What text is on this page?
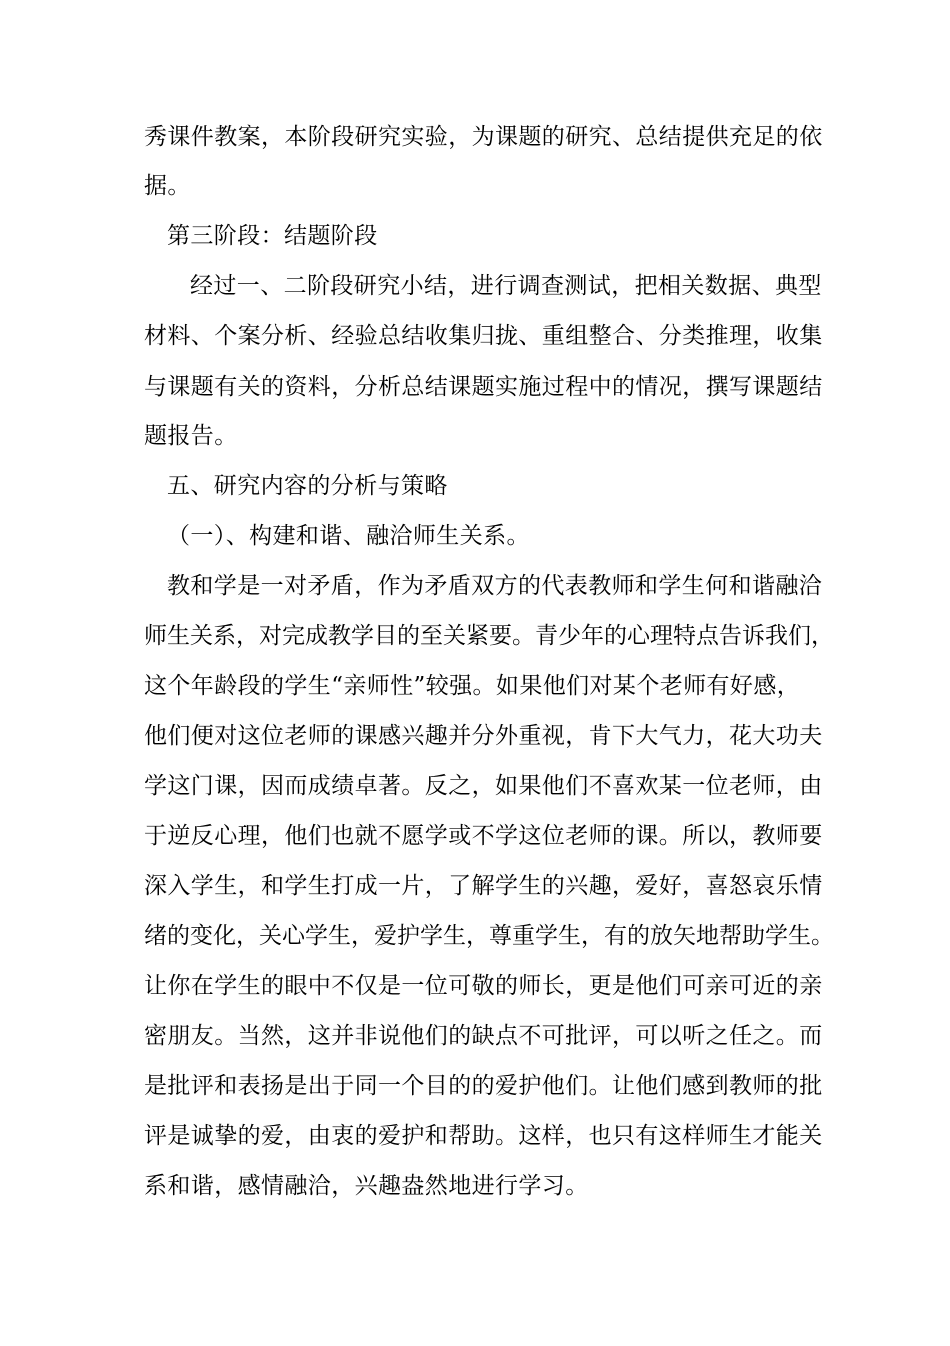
秀课件教案，本阶段研究实验，为课题的研究、总结提供充足的依
据。
第三阶段：结题阶段
经过一、二阶段研究小结，进行调查测试，把相关数据、典型
材料、个案分析、经验总结收集归拢、重组整合、分类推理，收集
与课题有关的资料，分析总结课题实施过程中的情况，撰写课题结
题报告。
五、研究内容的分析与策略
（一）、构建和谐、融洽师生关系。
教和学是一对矛盾，作为矛盾双方的代表教师和学生何和谐融洽
师生关系，对完成教学目的至关紧要。青少年的心理特点告诉我们，
这个年龄段的学生“亲师性”较强。如果他们对某个老师有好感，
他们便对这位老师的课感兴趣并分外重视，肯下大气力，花大功夫
学这门课，因而成绩卓著。反之，如果他们不喜欢某一位老师，由
于逆反心理，他们也就不愿学或不学这位老师的课。所以，教师要
深入学生，和学生打成一片，了解学生的兴趣，爱好，喜怒哀乐情
绪的变化，关心学生，爱护学生，尊重学生，有的放矢地帮助学生。
让你在学生的眼中不仅是一位可敬的师长，更是他们可亲可近的亲
密朋友。当然，这并非说他们的缺点不可批评，可以听之任之。而
是批评和表扬是出于同一个目的的爱护他们。让他们感到教师的批
评是诚挚的爱，由衷的爱护和帮助。这样，也只有这样师生才能关
系和谐，感情融洽，兴趣盎然地进行学习。
